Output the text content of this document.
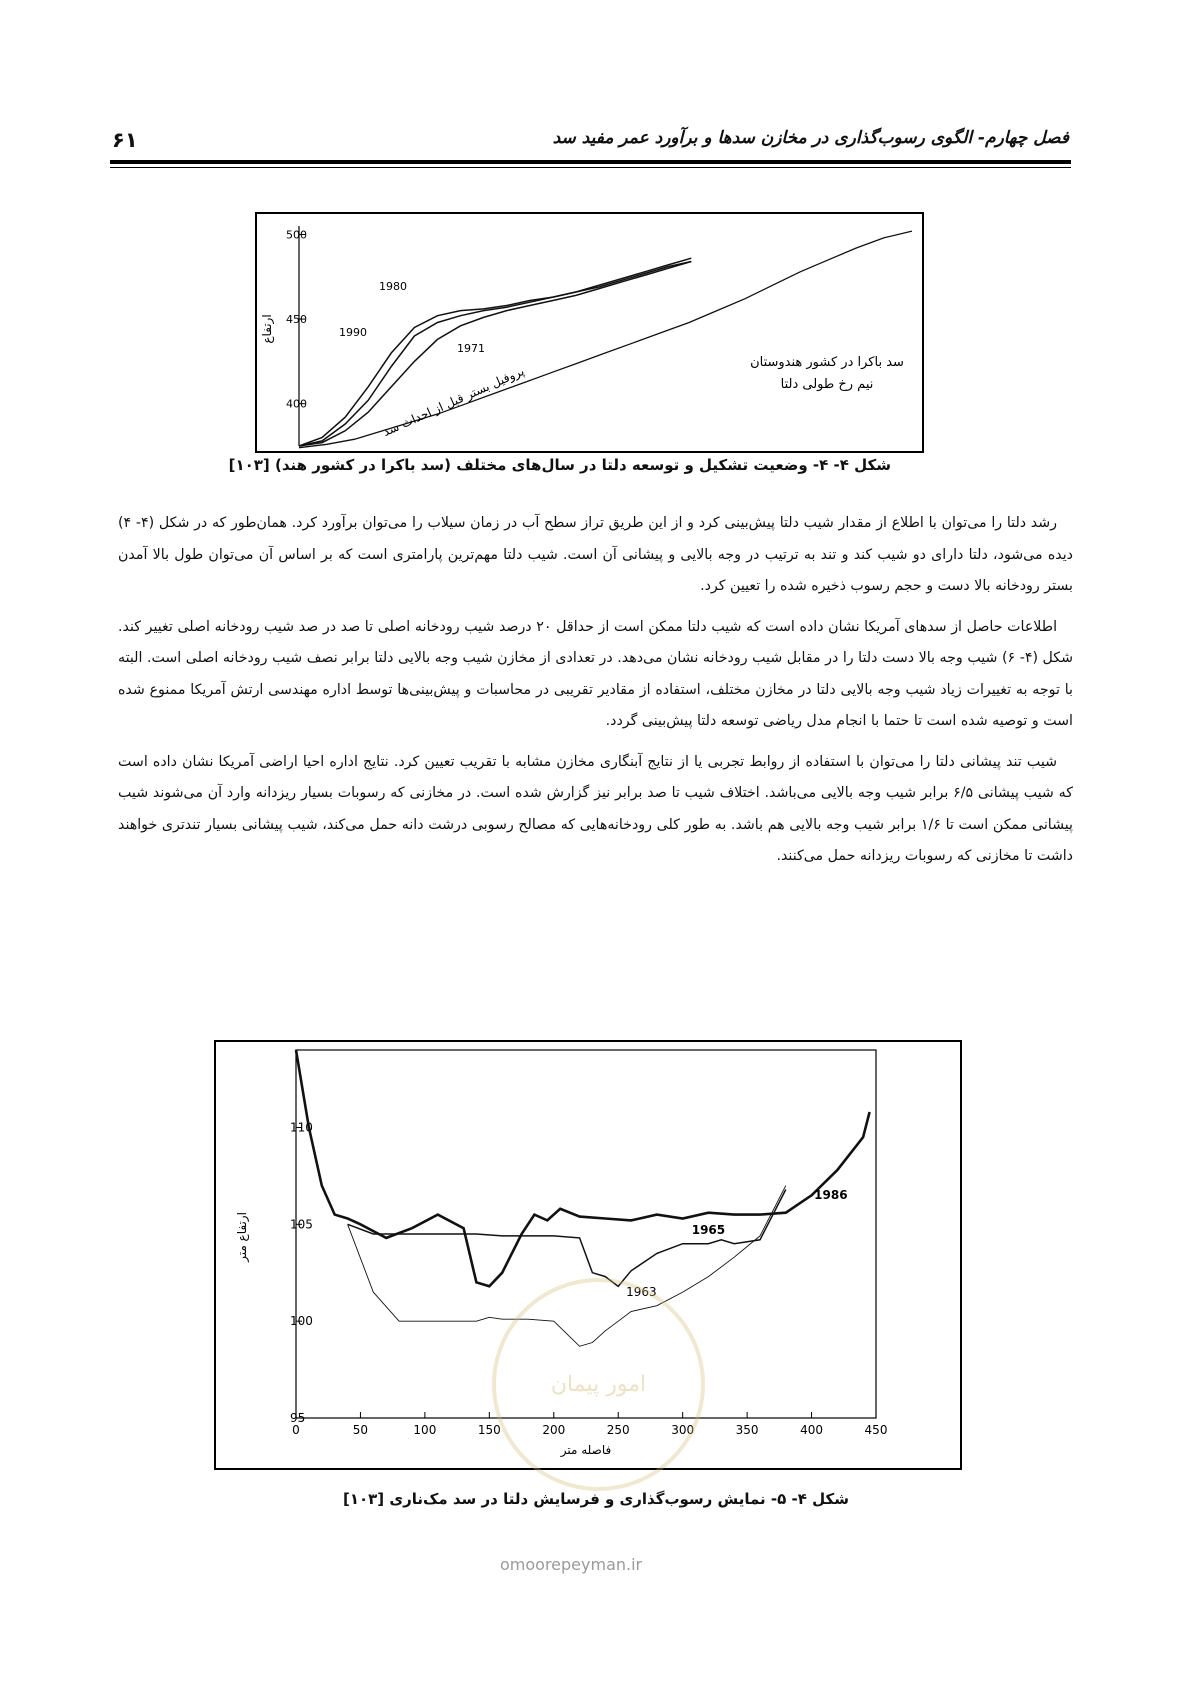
۶۱	فصل چهارم- الگوی رسوب‌گذاری در مخازن سدها و برآورد عمر مفید سد
500
450
400
ارتفاع
1980
1990
1971
پروفیل بستر قبل از احداث سد
سد باکرا در کشور هندوستان
نیم رخ طولی دلتا
شکل ۴- ۴- وضعیت تشکیل و توسعه دلتا در سال‌های مختلف (سد باکرا در کشور هند) [۱۰۳]

رشد دلتا را می‌توان با اطلاع از مقدار شیب دلتا پیش‌بینی کرد و از این طریق تراز سطح آب در زمان سیلاب را می‌توان برآورد کرد. همان‌طور که در شکل (۴- ۴) دیده می‌شود، دلتا دارای دو شیب کند و تند به ترتیب در وجه بالایی و پیشانی آن است. شیب دلتا مهم‌ترین پارامتری است که بر اساس آن می‌توان طول بالا آمدن بستر رودخانه بالا دست و حجم رسوب ذخیره شده را تعیین کرد.

اطلاعات حاصل از سدهای آمریکا نشان داده است که شیب دلتا ممکن است از حداقل ۲۰ درصد شیب رودخانه اصلی تا صد در صد شیب رودخانه اصلی تغییر کند. شکل (۴- ۶) شیب وجه بالا دست دلتا را در مقابل شیب رودخانه نشان می‌دهد. در تعدادی از مخازن شیب وجه بالایی دلتا برابر نصف شیب رودخانه اصلی است. البته با توجه به تغییرات زیاد شیب وجه بالایی دلتا در مخازن مختلف، استفاده از مقادیر تقریبی در محاسبات و پیش‌بینی‌ها توسط اداره مهندسی ارتش آمریکا ممنوع شده است و توصیه شده است تا حتما با انجام مدل ریاضی توسعه دلتا پیش‌بینی گردد.

شیب تند پیشانی دلتا را می‌توان با استفاده از روابط تجربی یا از نتایج آبنگاری مخازن مشابه با تقریب تعیین کرد. نتایج اداره احیا اراضی آمریکا نشان داده است که شیب پیشانی ۶/۵ برابر شیب وجه بالایی می‌باشد. اختلاف شیب تا صد برابر نیز گزارش شده است. در مخازنی که رسوبات بسیار ریزدانه وارد آن می‌شوند شیب پیشانی ممکن است تا ۱/۶ برابر شیب وجه بالایی هم باشد. به طور کلی رودخانه‌هایی که مصالح رسوبی درشت دانه حمل می‌کند، شیب پیشانی بسیار تندتری خواهند داشت تا مخازنی که رسوبات ریزدانه حمل می‌کنند.

0	50	100	150	200	250	300	350	400	450
95
100
105
110
ارتفاع متر
فاصله متر
1986
1965
1963
شکل ۴- ۵- نمایش رسوب‌گذاری و فرسایش دلتا در سد مک‌ناری [۱۰۳]
امور پیمان
omoorepeyman.ir
